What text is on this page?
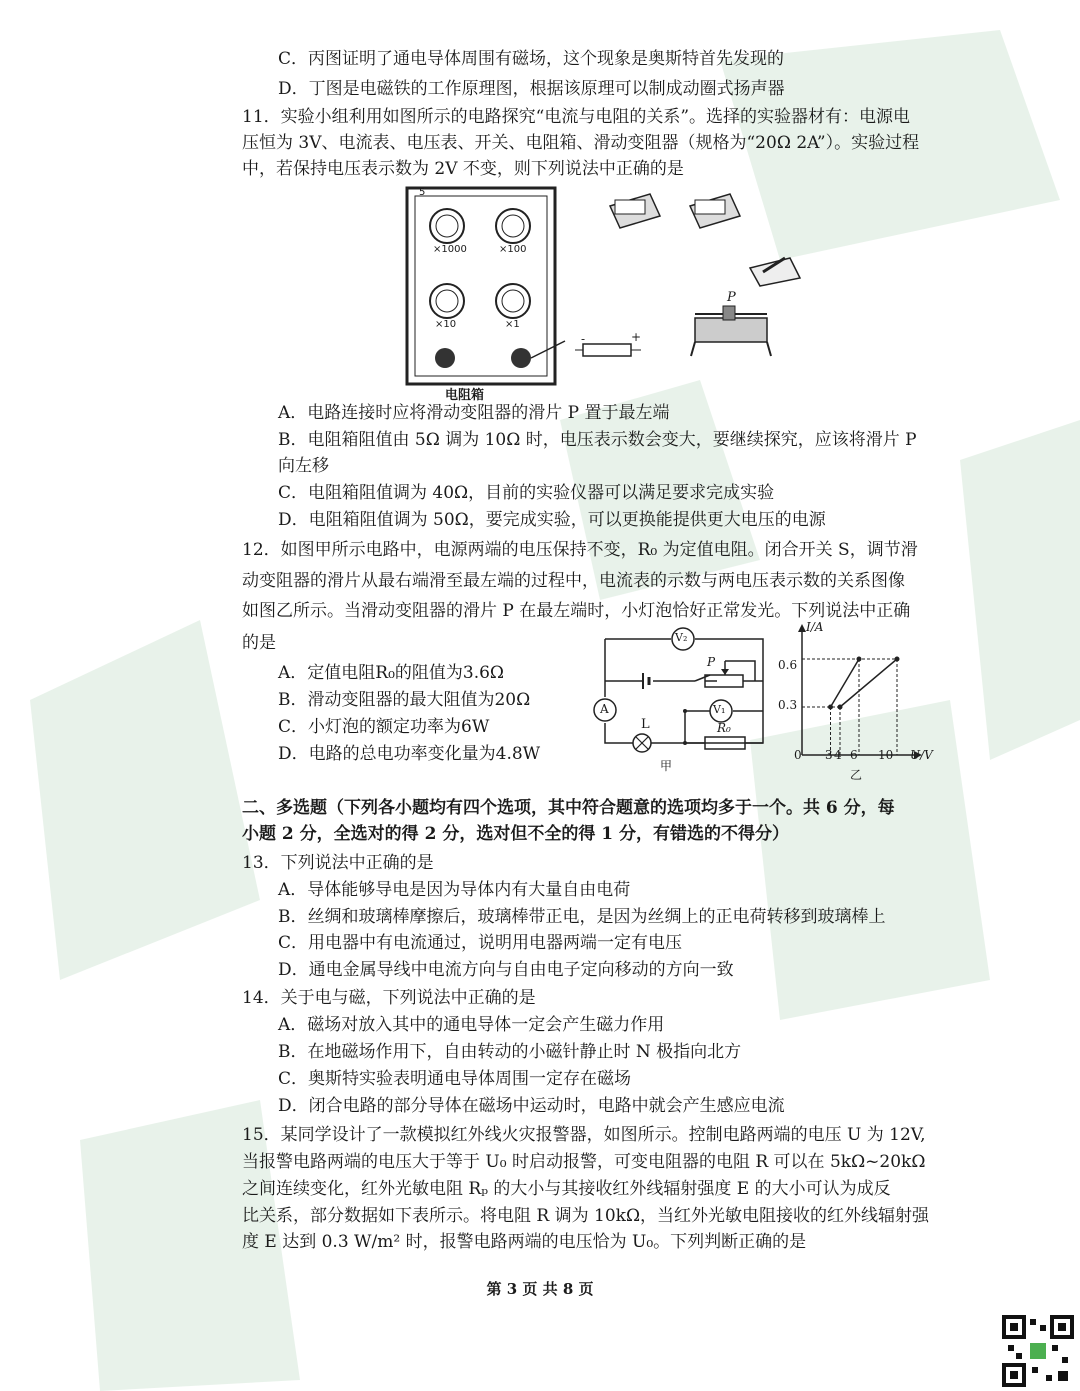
C．丙图证明了通电导体周围有磁场，这个现象是奥斯特首先发现的
D．丁图是电磁铁的工作原理图，根据该原理可以制成动圈式扬声器
11．实验小组利用如图所示的电路探究“电流与电阻的关系”。选择的实验器材有：电源电
压恒为 3V、电流表、电压表、开关、电阻箱、滑动变阻器（规格为“20Ω 2A”）。实验过程
中，若保持电压表示数为 2V 不变，则下列说法中正确的是
5
×1000	×100
×10	×1
电阻箱
P
-	+
A．电路连接时应将滑动变阻器的滑片 P 置于最左端
B．电阻箱阻值由 5Ω 调为 10Ω 时，电压表示数会变大，要继续探究，应该将滑片 P
向左移
C．电阻箱阻值调为 40Ω，目前的实验仪器可以满足要求完成实验
D．电阻箱阻值调为 50Ω，要完成实验，可以更换能提供更大电压的电源
12．如图甲所示电路中，电源两端的电压保持不变，R₀ 为定值电阻。闭合开关 S，调节滑
动变阻器的滑片从最右端滑至最左端的过程中，电流表的示数与两电压表示数的关系图像
如图乙所示。当滑动变阻器的滑片 P 在最左端时，小灯泡恰好正常发光。下列说法中正确
的是
A．定值电阻R₀的阻值为3.6Ω
B．滑动变阻器的最大阻值为20Ω
C．小灯泡的额定功率为6W
D．电路的总电功率变化量为4.8W
V₂
A	V₁
L	R₀
P
甲
I/A
U/V
0
0.3
0.6
3 4 6 10
乙
二、多选题（下列各小题均有四个选项，其中符合题意的选项均多于一个。共 6 分，每
小题 2 分，全选对的得 2 分，选对但不全的得 1 分，有错选的不得分）
13．下列说法中正确的是
A．导体能够导电是因为导体内有大量自由电荷
B．丝绸和玻璃棒摩擦后，玻璃棒带正电，是因为丝绸上的正电荷转移到玻璃棒上
C．用电器中有电流通过，说明用电器两端一定有电压
D．通电金属导线中电流方向与自由电子定向移动的方向一致
14．关于电与磁，下列说法中正确的是
A．磁场对放入其中的通电导体一定会产生磁力作用
B．在地磁场作用下，自由转动的小磁针静止时 N 极指向北方
C．奥斯特实验表明通电导体周围一定存在磁场
D．闭合电路的部分导体在磁场中运动时，电路中就会产生感应电流
15．某同学设计了一款模拟红外线火灾报警器，如图所示。控制电路两端的电压 U 为 12V,
当报警电路两端的电压大于等于 U₀ 时启动报警，可变电阻器的电阻 R 可以在 5kΩ~20kΩ
之间连续变化，红外光敏电阻 Rₚ 的大小与其接收红外线辐射强度 E 的大小可认为成反
比关系，部分数据如下表所示。将电阻 R 调为 10kΩ，当红外光敏电阻接收的红外线辐射强
度 E 达到 0.3 W/m² 时，报警电路两端的电压恰为 U₀。下列判断正确的是
第 3 页 共 8 页
